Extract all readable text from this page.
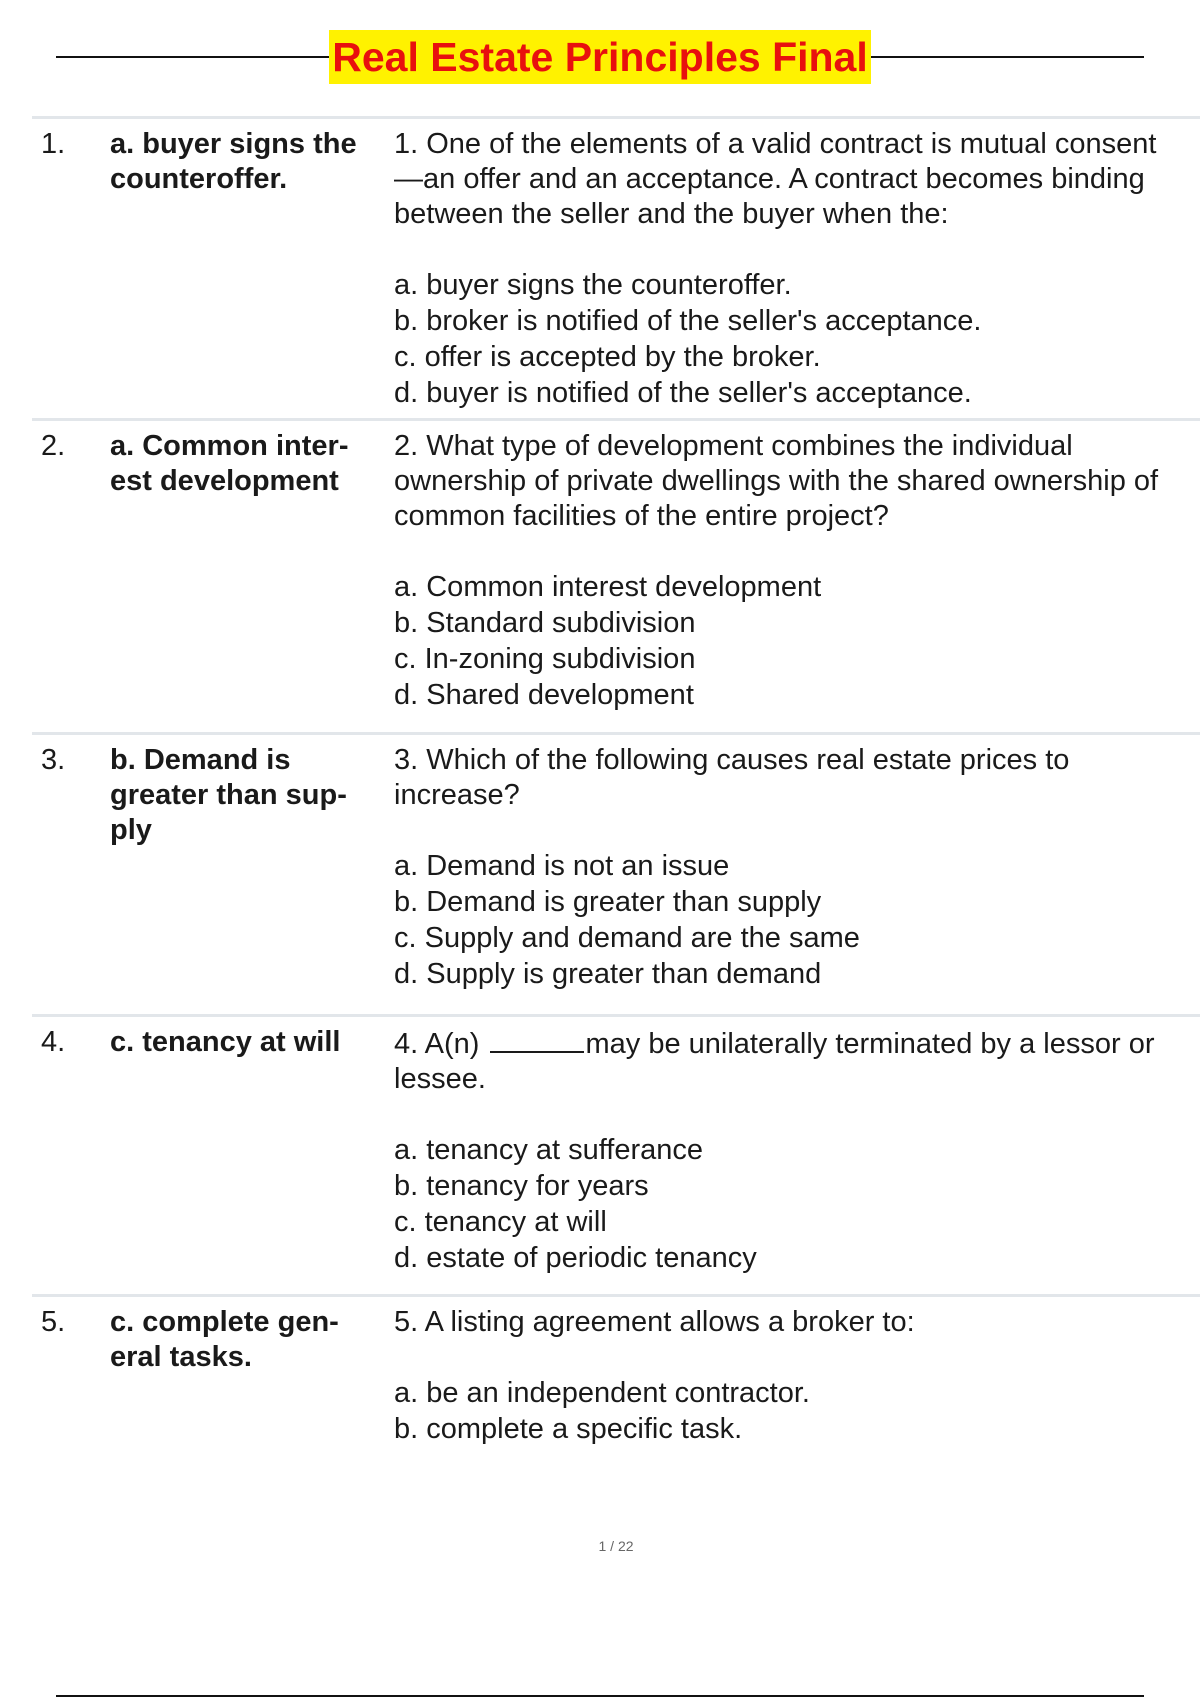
Real Estate Principles Final
1.	a. buyer signs the counteroffer.
1. One of the elements of a valid contract is mutual consent—an offer and an acceptance. A contract becomes binding between the seller and the buyer when the:
a. buyer signs the counteroffer.
b. broker is notified of the seller's acceptance.
c. offer is accepted by the broker.
d. buyer is notified of the seller's acceptance.
2.	a. Common interest development
2. What type of development combines the individual ownership of private dwellings with the shared ownership of common facilities of the entire project?
a. Common interest development
b. Standard subdivision
c. In-zoning subdivision
d. Shared development
3.	b. Demand is greater than supply
3. Which of the following causes real estate prices to increase?
a. Demand is not an issue
b. Demand is greater than supply
c. Supply and demand are the same
d. Supply is greater than demand
4.	c. tenancy at will	4. A(n)	may be unilaterally terminated by a lessor or lessee.
a. tenancy at sufferance
b. tenancy for years
c. tenancy at will
d. estate of periodic tenancy
5.	c. complete general tasks.
5. A listing agreement allows a broker to:
a. be an independent contractor.
b. complete a specific task.
1 / 22
